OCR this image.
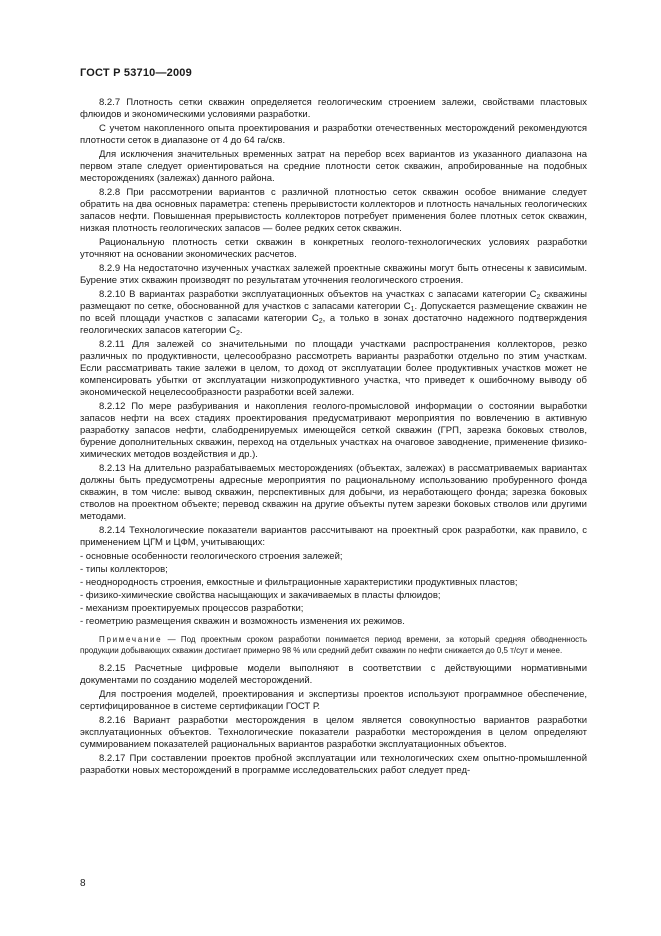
ГОСТ Р 53710—2009

8.2.7 Плотность сетки скважин определяется геологическим строением залежи, свойствами пластовых флюидов и экономическими условиями разработки.

С учетом накопленного опыта проектирования и разработки отечественных месторождений рекомендуются плотности сеток в диапазоне от 4 до 64 га/скв.

Для исключения значительных временных затрат на перебор всех вариантов из указанного диапазона на первом этапе следует ориентироваться на средние плотности сеток скважин, апробированные на подобных месторождениях (залежах) данного района.

8.2.8 При рассмотрении вариантов с различной плотностью сеток скважин особое внимание следует обратить на два основных параметра: степень прерывистости коллекторов и плотность начальных геологических запасов нефти. Повышенная прерывистость коллекторов потребует применения более плотных сеток скважин, низкая плотность геологических запасов — более редких сеток скважин.

Рациональную плотность сетки скважин в конкретных геолого-технологических условиях разработки уточняют на основании экономических расчетов.

8.2.9 На недостаточно изученных участках залежей проектные скважины могут быть отнесены к зависимым. Бурение этих скважин производят по результатам уточнения геологического строения.

8.2.10 В вариантах разработки эксплуатационных объектов на участках с запасами категории $С_2$ скважины размещают по сетке, обоснованной для участков с запасами категории $С_1$. Допускается размещение скважин не по всей площади участков с запасами категории $С_2$, а только в зонах достаточно надежного подтверждения геологических запасов категории $С_2$.

8.2.11 Для залежей со значительными по площади участками распространения коллекторов, резко различных по продуктивности, целесообразно рассмотреть варианты разработки отдельно по этим участкам. Если рассматривать такие залежи в целом, то доход от эксплуатации более продуктивных участков может не компенсировать убытки от эксплуатации низкопродуктивного участка, что приведет к ошибочному выводу об экономической нецелесообразности разработки всей залежи.

8.2.12 По мере разбуривания и накопления геолого-промысловой информации о состоянии выработки запасов нефти на всех стадиях проектирования предусматривают мероприятия по вовлечению в активную разработку запасов нефти, слабодренируемых имеющейся сеткой скважин (ГРП, зарезка боковых стволов, бурение дополнительных скважин, переход на отдельных участках на очаговое заводнение, применение физико-химических методов воздействия и др.).

8.2.13 На длительно разрабатываемых месторождениях (объектах, залежах) в рассматриваемых вариантах должны быть предусмотрены адресные мероприятия по рациональному использованию пробуренного фонда скважин, в том числе: вывод скважин, перспективных для добычи, из неработающего фонда; зарезка боковых стволов на проектном объекте; перевод скважин на другие объекты путем зарезки боковых стволов или другими методами.

8.2.14 Технологические показатели вариантов рассчитывают на проектный срок разработки, как правило, с применением ЦГМ и ЦФМ, учитывающих:

- основные особенности геологического строения залежей;

- типы коллекторов;

- неоднородность строения, емкостные и фильтрационные характеристики продуктивных пластов;

- физико-химические свойства насыщающих и закачиваемых в пласты флюидов;

- механизм проектируемых процессов разработки;

- геометрию размещения скважин и возможность изменения их режимов.

Примечание — Под проектным сроком разработки понимается период времени, за который средняя обводненность продукции добывающих скважин достигает примерно 98 % или средний дебит скважин по нефти снижается до 0,5 т/сут и менее.

8.2.15 Расчетные цифровые модели выполняют в соответствии с действующими нормативными документами по созданию моделей месторождений.

Для построения моделей, проектирования и экспертизы проектов используют программное обеспечение, сертифицированное в системе сертификации ГОСТ Р.

8.2.16 Вариант разработки месторождения в целом является совокупностью вариантов разработки эксплуатационных объектов. Технологические показатели разработки месторождения в целом определяют суммированием показателей рациональных вариантов разработки эксплуатационных объектов.

8.2.17 При составлении проектов пробной эксплуатации или технологических схем опытно-промышленной разработки новых месторождений в программе исследовательских работ следует пред-

8
